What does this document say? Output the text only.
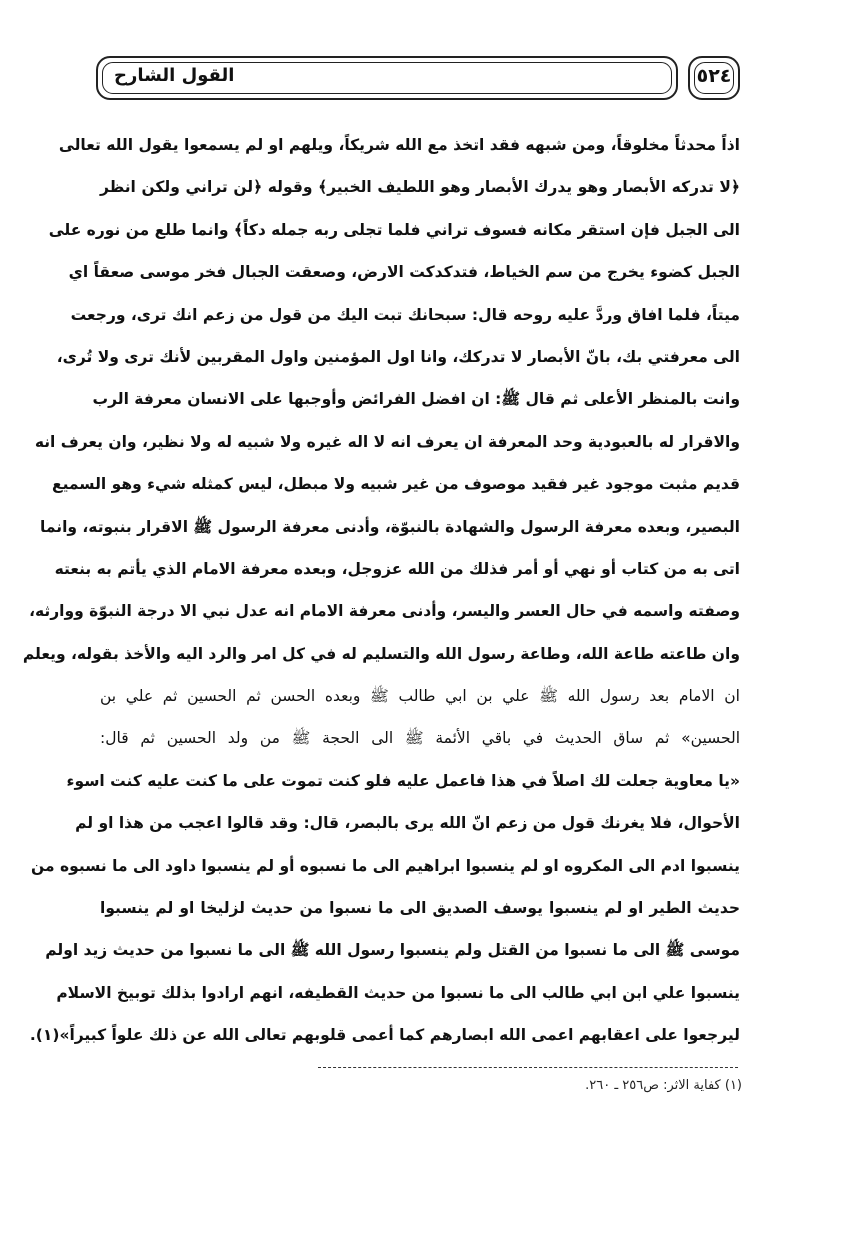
القول الشارح	٥٢٤
اذاً محدثاً مخلوقاً، ومن شبهه فقد اتخذ مع الله شريكاً، ويلهم او لم يسمعوا يقول الله تعالى
﴿لا تدركه الأبصار وهو يدرك الأبصار وهو اللطيف الخبير﴾ وقوله ﴿لن تراني ولكن انظر
الى الجبل فإن استقر مكانه فسوف تراني فلما تجلى ربه جمله دكاً﴾ وانما طلع من نوره على
الجبل كضوء يخرج من سم الخياط، فتدكدكت الارض، وصعقت الجبال فخر موسى صعقاً اي
ميتاً، فلما افاق وردَّ عليه روحه قال: سبحانك تبت اليك من قول من زعم انك ترى، ورجعت
الى معرفتي بك، بانّ الأبصار لا تدركك، وانا اول المؤمنين واول المقربين لأنك ترى ولا تُرى،
وانت بالمنظر الأعلى ثم قال ﷺ: ان افضل الفرائض وأوجبها على الانسان معرفة الرب
والاقرار له بالعبودية وحد المعرفة ان يعرف انه لا اله غيره ولا شبيه له ولا نظير، وان يعرف انه
قديم مثبت موجود غير فقيد موصوف من غير شبيه ولا مبطل، ليس كمثله شيء وهو السميع
البصير، وبعده معرفة الرسول والشهادة بالنبوّة، وأدنى معرفة الرسول ﷺ الاقرار بنبوته، وانما
اتى به من كتاب أو نهي أو أمر فذلك من الله عزوجل، وبعده معرفة الامام الذي يأتم به بنعته
وصفته واسمه في حال العسر واليسر، وأدنى معرفة الامام انه عدل نبي الا درجة النبوّة ووارثه،
وان طاعته طاعة الله، وطاعة رسول الله والتسليم له في كل امر والرد اليه والأخذ بقوله، ويعلم
ان الامام بعد رسول الله ﷺ علي بن ابي طالب ﷺ وبعده الحسن ثم الحسين ثم علي بن
الحسين» ثم ساق الحديث في باقي الأئمة ﷺ الى الحجة ﷺ من ولد الحسين ثم قال:
«يا معاوية جعلت لك اصلاً في هذا فاعمل عليه فلو كنت تموت على ما كنت عليه كنت اسوء
الأحوال، فلا يغرنك قول من زعم انّ الله يرى بالبصر، قال: وقد قالوا اعجب من هذا او لم
ينسبوا ادم الى المكروه او لم ينسبوا ابراهيم الى ما نسبوه أو لم ينسبوا داود الى ما نسبوه من
حديث الطير او لم ينسبوا يوسف الصديق الى ما نسبوا من حديث لزليخا او لم ينسبوا
موسى ﷺ الى ما نسبوا من القتل ولم ينسبوا رسول الله ﷺ الى ما نسبوا من حديث زيد اولم
ينسبوا علي ابن ابي طالب الى ما نسبوا من حديث القطيفه، انهم ارادوا بذلك توبيخ الاسلام
ليرجعوا على اعقابهم اعمى الله ابصارهم كما أعمى قلوبهم تعالى الله عن ذلك علواً كبيراً»(١).
(١) كفاية الاثر: ص٢٥٦ ـ ٢٦٠.
